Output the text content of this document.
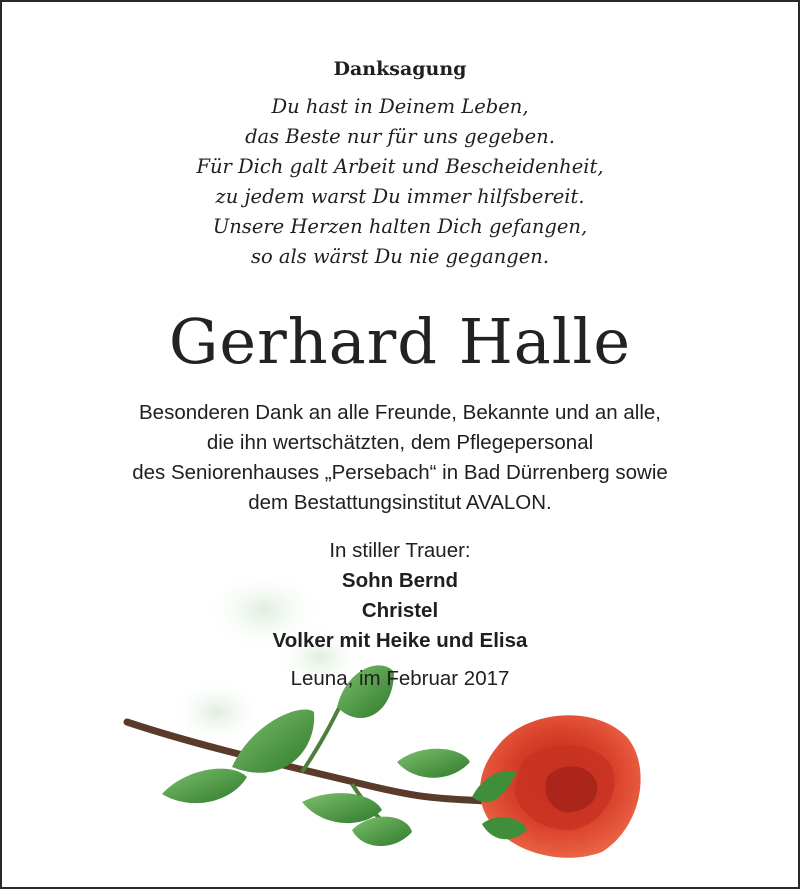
Danksagung
Du hast in Deinem Leben,
das Beste nur für uns gegeben.
Für Dich galt Arbeit und Bescheidenheit,
zu jedem warst Du immer hilfsbereit.
Unsere Herzen halten Dich gefangen,
so als wärst Du nie gegangen.
Gerhard Halle
Besonderen Dank an alle Freunde, Bekannte und an alle,
die ihn wertschätzten, dem Pflegepersonal
des Seniorenhauses „Persebach“ in Bad Dürrenberg sowie
dem Bestattungsinstitut AVALON.
In stiller Trauer:
Sohn Bernd
Christel
Volker mit Heike und Elisa
Leuna, im Februar 2017
